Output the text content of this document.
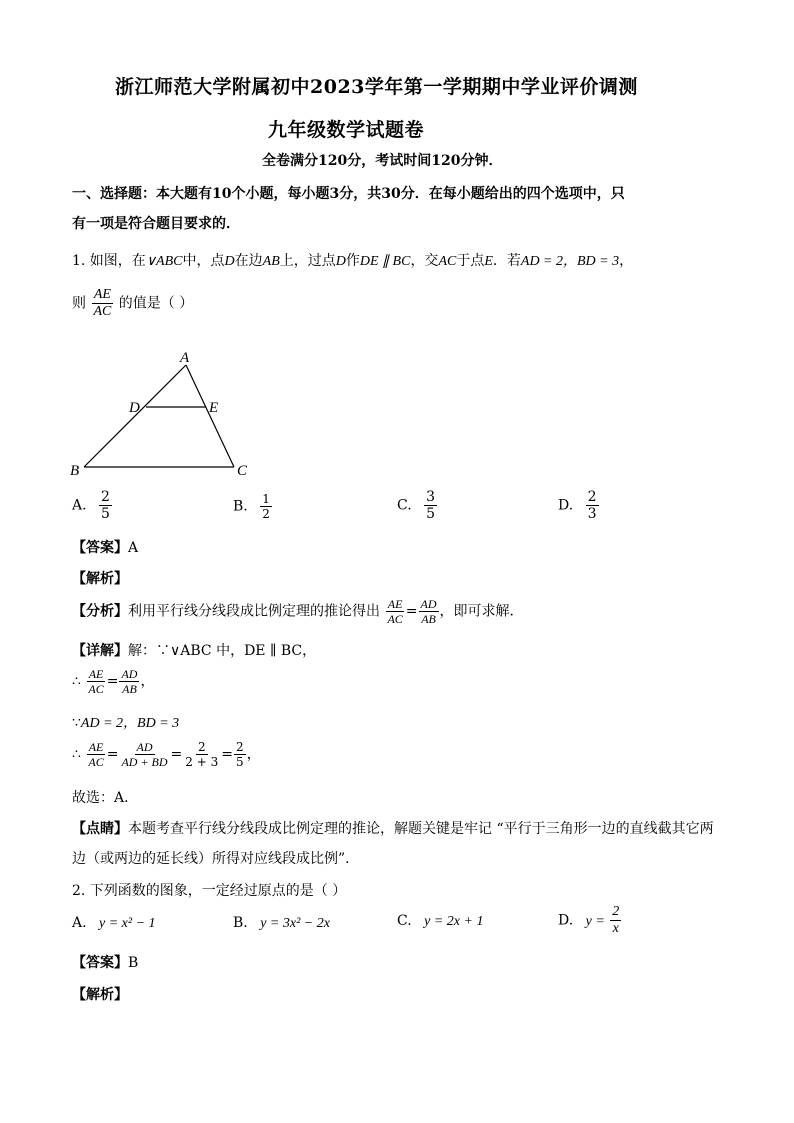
浙江师范大学附属初中2023学年第一学期期中学业评价调测
九年级数学试题卷
全卷满分120分，考试时间120分钟．
一、选择题：本大题有10个小题，每小题3分，共30分．在每小题给出的四个选项中，只
有一项是符合题目要求的．
1. 如图，在∨ABC中，点D在边AB上，过点D作DE ∥ BC，交AC于点E．若AD = 2，BD = 3，
则 $\frac{AE}{AC}$ 的值是（ ）
A
D	E
B	C
A. $\frac{2}{5}$	B. $\frac{1}{2}$	C. $\frac{3}{5}$	D. $\frac{2}{3}$
【答案】A
【解析】
【分析】利用平行线分线段成比例定理的推论得出 $\frac{AE}{AC} = \frac{AD}{AB}$ ，即可求解．
【详解】解：∵∨ABC 中，DE ∥ BC，
∴ $\frac{AE}{AC} = \frac{AD}{AB}$ ，
∵AD = 2，BD = 3
∴ $\frac{AE}{AC} = \frac{AD}{AD + BD} = \frac{2}{2 + 3} = \frac{2}{5}$ ，
故选：A．
【点睛】本题考查平行线分线段成比例定理的推论，解题关键是牢记 “平行于三角形一边的直线截其它两
边（或两边的延长线）所得对应线段成比例”．
2. 下列函数的图象，一定经过原点的是（ ）
A. y = x² − 1	B. y = 3x² − 2x	C. y = 2x + 1	D. $y = \frac{2}{x}$
【答案】B
【解析】
